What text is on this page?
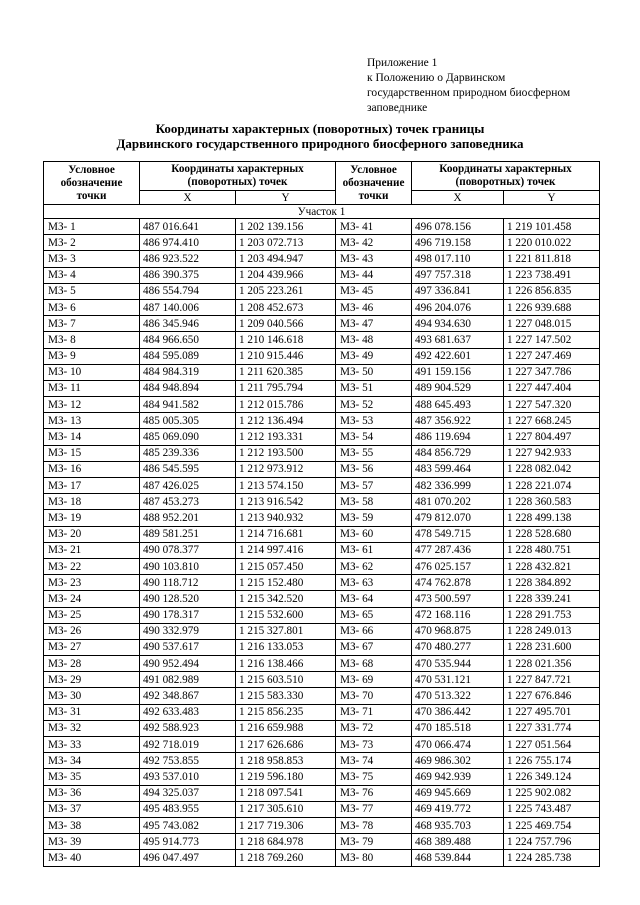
Приложение 1
к Положению о Дарвинском
государственном природном биосферном
заповеднике
Координаты характерных (поворотных) точек границы
Дарвинского государственного природного биосферного заповедника
Условное
обозначение
точки	Координаты характерных
(поворотных) точек		Условное
обозначение
точки	Координаты характерных
(поворотных) точек	
	X	Y		X	Y
Участок 1					
МЗ- 1	487 016.641	1 202 139.156	МЗ- 41	496 078.156	1 219 101.458
МЗ- 2	486 974.410	1 203 072.713	МЗ- 42	496 719.158	1 220 010.022
МЗ- 3	486 923.522	1 203 494.947	МЗ- 43	498 017.110	1 221 811.818
МЗ- 4	486 390.375	1 204 439.966	МЗ- 44	497 757.318	1 223 738.491
МЗ- 5	486 554.794	1 205 223.261	МЗ- 45	497 336.841	1 226 856.835
МЗ- 6	487 140.006	1 208 452.673	МЗ- 46	496 204.076	1 226 939.688
МЗ- 7	486 345.946	1 209 040.566	МЗ- 47	494 934.630	1 227 048.015
МЗ- 8	484 966.650	1 210 146.618	МЗ- 48	493 681.637	1 227 147.502
МЗ- 9	484 595.089	1 210 915.446	МЗ- 49	492 422.601	1 227 247.469
МЗ- 10	484 984.319	1 211 620.385	МЗ- 50	491 159.156	1 227 347.786
МЗ- 11	484 948.894	1 211 795.794	МЗ- 51	489 904.529	1 227 447.404
МЗ- 12	484 941.582	1 212 015.786	МЗ- 52	488 645.493	1 227 547.320
МЗ- 13	485 005.305	1 212 136.494	МЗ- 53	487 356.922	1 227 668.245
МЗ- 14	485 069.090	1 212 193.331	МЗ- 54	486 119.694	1 227 804.497
МЗ- 15	485 239.336	1 212 193.500	МЗ- 55	484 856.729	1 227 942.933
МЗ- 16	486 545.595	1 212 973.912	МЗ- 56	483 599.464	1 228 082.042
МЗ- 17	487 426.025	1 213 574.150	МЗ- 57	482 336.999	1 228 221.074
МЗ- 18	487 453.273	1 213 916.542	МЗ- 58	481 070.202	1 228 360.583
МЗ- 19	488 952.201	1 213 940.932	МЗ- 59	479 812.070	1 228 499.138
МЗ- 20	489 581.251	1 214 716.681	МЗ- 60	478 549.715	1 228 528.680
МЗ- 21	490 078.377	1 214 997.416	МЗ- 61	477 287.436	1 228 480.751
МЗ- 22	490 103.810	1 215 057.450	МЗ- 62	476 025.157	1 228 432.821
МЗ- 23	490 118.712	1 215 152.480	МЗ- 63	474 762.878	1 228 384.892
МЗ- 24	490 128.520	1 215 342.520	МЗ- 64	473 500.597	1 228 339.241
МЗ- 25	490 178.317	1 215 532.600	МЗ- 65	472 168.116	1 228 291.753
МЗ- 26	490 332.979	1 215 327.801	МЗ- 66	470 968.875	1 228 249.013
МЗ- 27	490 537.617	1 216 133.053	МЗ- 67	470 480.277	1 228 231.600
МЗ- 28	490 952.494	1 216 138.466	МЗ- 68	470 535.944	1 228 021.356
МЗ- 29	491 082.989	1 215 603.510	МЗ- 69	470 531.121	1 227 847.721
МЗ- 30	492 348.867	1 215 583.330	МЗ- 70	470 513.322	1 227 676.846
МЗ- 31	492 633.483	1 215 856.235	МЗ- 71	470 386.442	1 227 495.701
МЗ- 32	492 588.923	1 216 659.988	МЗ- 72	470 185.518	1 227 331.774
МЗ- 33	492 718.019	1 217 626.686	МЗ- 73	470 066.474	1 227 051.564
МЗ- 34	492 753.855	1 218 958.853	МЗ- 74	469 986.302	1 226 755.174
МЗ- 35	493 537.010	1 219 596.180	МЗ- 75	469 942.939	1 226 349.124
МЗ- 36	494 325.037	1 218 097.541	МЗ- 76	469 945.669	1 225 902.082
МЗ- 37	495 483.955	1 217 305.610	МЗ- 77	469 419.772	1 225 743.487
МЗ- 38	495 743.082	1 217 719.306	МЗ- 78	468 935.703	1 225 469.754
МЗ- 39	495 914.773	1 218 684.978	МЗ- 79	468 389.488	1 224 757.796
МЗ- 40	496 047.497	1 218 769.260	МЗ- 80	468 539.844	1 224 285.738
